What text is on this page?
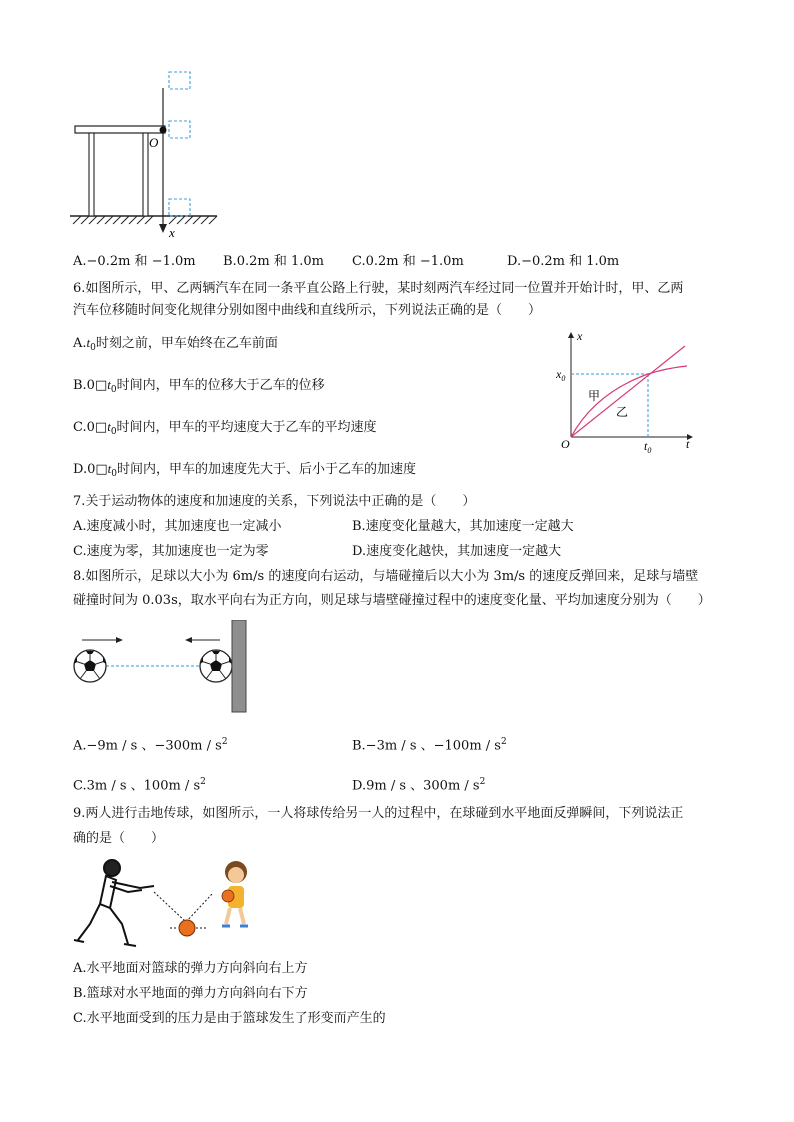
O
x
A.−0.2m 和 −1.0m B.0.2m 和 1.0m C.0.2m 和 −1.0m	D.−0.2m 和 1.0m
6.如图所示，甲、乙两辆汽车在同一条平直公路上行驶，某时刻两汽车经过同一位置并开始计时，甲、乙两
汽车位移随时间变化规律分别如图中曲线和直线所示，下列说法正确的是（　　）
$A.t_0$时刻之前，甲车始终在乙车前面
$B.0□t_0$时间内，甲车的位移大于乙车的位移
$C.0□t_0$时间内，甲车的平均速度大于乙车的平均速度
$D.0□t_0$时间内，甲车的加速度先大于、后小于乙车的加速度
x
t
O
$x_0$
$t_0$
甲
乙
7.关于运动物体的速度和加速度的关系，下列说法中正确的是（　　）
A.速度减小时，其加速度也一定减小	B.速度变化量越大，其加速度一定越大
C.速度为零，其加速度也一定为零	D.速度变化越快，其加速度一定越大
8.如图所示，足球以大小为 6m/s 的速度向右运动，与墙碰撞后以大小为 3m/s 的速度反弹回来，足球与墙壁
碰撞时间为 0.03s，取水平向右为正方向，则足球与墙壁碰撞过程中的速度变化量、平均加速度分别为（　　）
A.−9m / s 、$-300m / s^2$	B.−3m / s 、$-100m / s^2$
C.3m / s 、$100m / s^2$	D.9m / s 、$300m / s^2$
9.两人进行击地传球，如图所示，一人将球传给另一人的过程中，在球碰到水平地面反弹瞬间，下列说法正
确的是（　　）
A.水平地面对篮球的弹力方向斜向右上方
B.篮球对水平地面的弹力方向斜向右下方
C.水平地面受到的压力是由于篮球发生了形变而产生的
